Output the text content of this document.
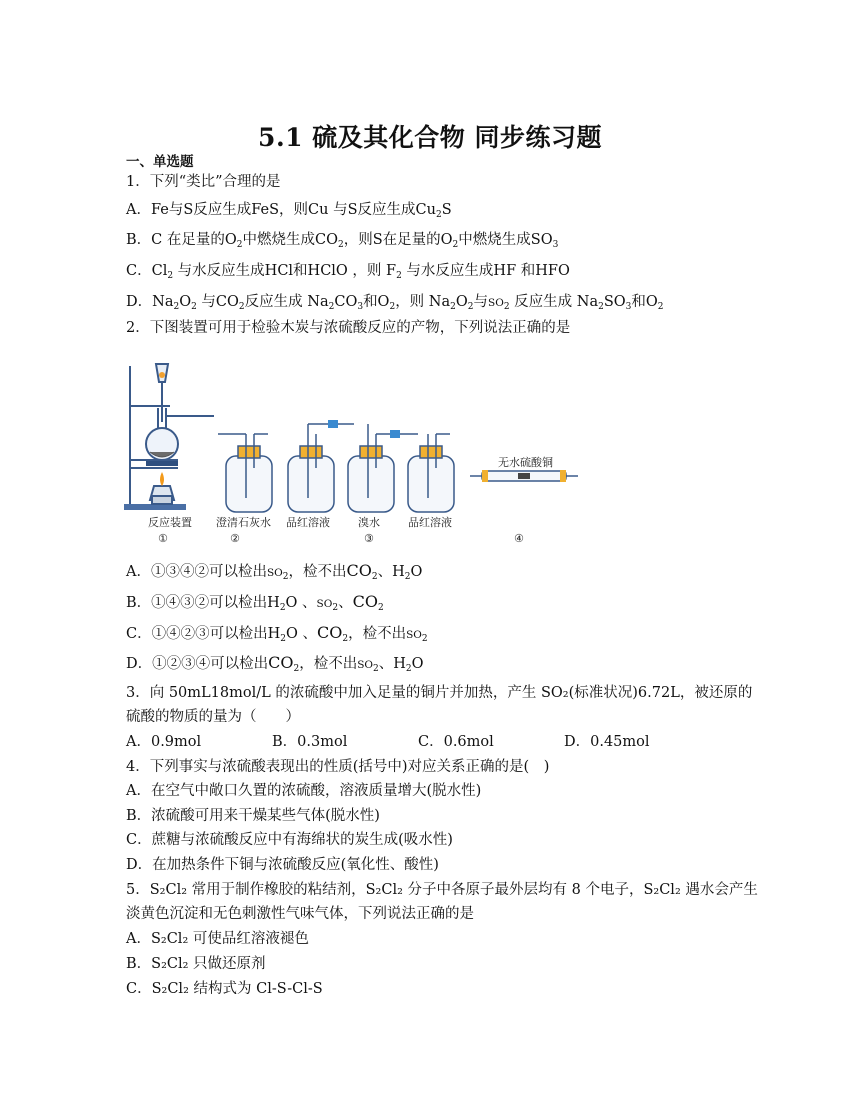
5.1 硫及其化合物 同步练习题
一、单选题
1．下列“类比”合理的是
A．Fe与S反应生成FeS，则Cu 与S反应生成$Cu_2S$
B．C 在足量的$O_2$中燃烧生成$CO_2$，则S在足量的$O_2$中燃烧生成$SO_3$
C．$Cl_2$ 与水反应生成HCl和HClO ，则 $F_2$ 与水反应生成HF 和HFO
D．$Na_2O_2$ 与$CO_2$反应生成 $Na_2CO_3$和$O_2$，则 $Na_2O_2$与$SO_2$ 反应生成 $Na_2SO_3$和$O_2$
2．下图装置可用于检验木炭与浓硫酸反应的产物，下列说法正确的是
反应装置 澄清石灰水 品红溶液	溴水	品红溶液
无水硫酸铜
①	②	③	④
A．①③④②可以检出$SO_2$，检不出$CO_2$、$H_2O$
B．①④③②可以检出$H_2O$ 、$SO_2$、$CO_2$
C．①④②③可以检出$H_2O$ 、$CO_2$，检不出$SO_2$
D．①②③④可以检出$CO_2$，检不出$SO_2$、$H_2O$
3．向 50mL18mol/L 的浓硫酸中加入足量的铜片并加热，产生 SO₂(标准状况)6.72L，被还原的
硫酸的物质的量为（　　）
A．0.9mol	B．0.3mol	C．0.6mol	D．0.45mol
4．下列事实与浓硫酸表现出的性质(括号中)对应关系正确的是(　)
A．在空气中敞口久置的浓硫酸，溶液质量增大(脱水性)
B．浓硫酸可用来干燥某些气体(脱水性)
C．蔗糖与浓硫酸反应中有海绵状的炭生成(吸水性)
D．在加热条件下铜与浓硫酸反应(氧化性、酸性)
5．S₂Cl₂ 常用于制作橡胶的粘结剂，S₂Cl₂ 分子中各原子最外层均有 8 个电子，S₂Cl₂ 遇水会产生
淡黄色沉淀和无色刺激性气味气体，下列说法正确的是
A．S₂Cl₂ 可使品红溶液褪色
B．S₂Cl₂ 只做还原剂
C．S₂Cl₂ 结构式为 Cl-S-Cl-S
